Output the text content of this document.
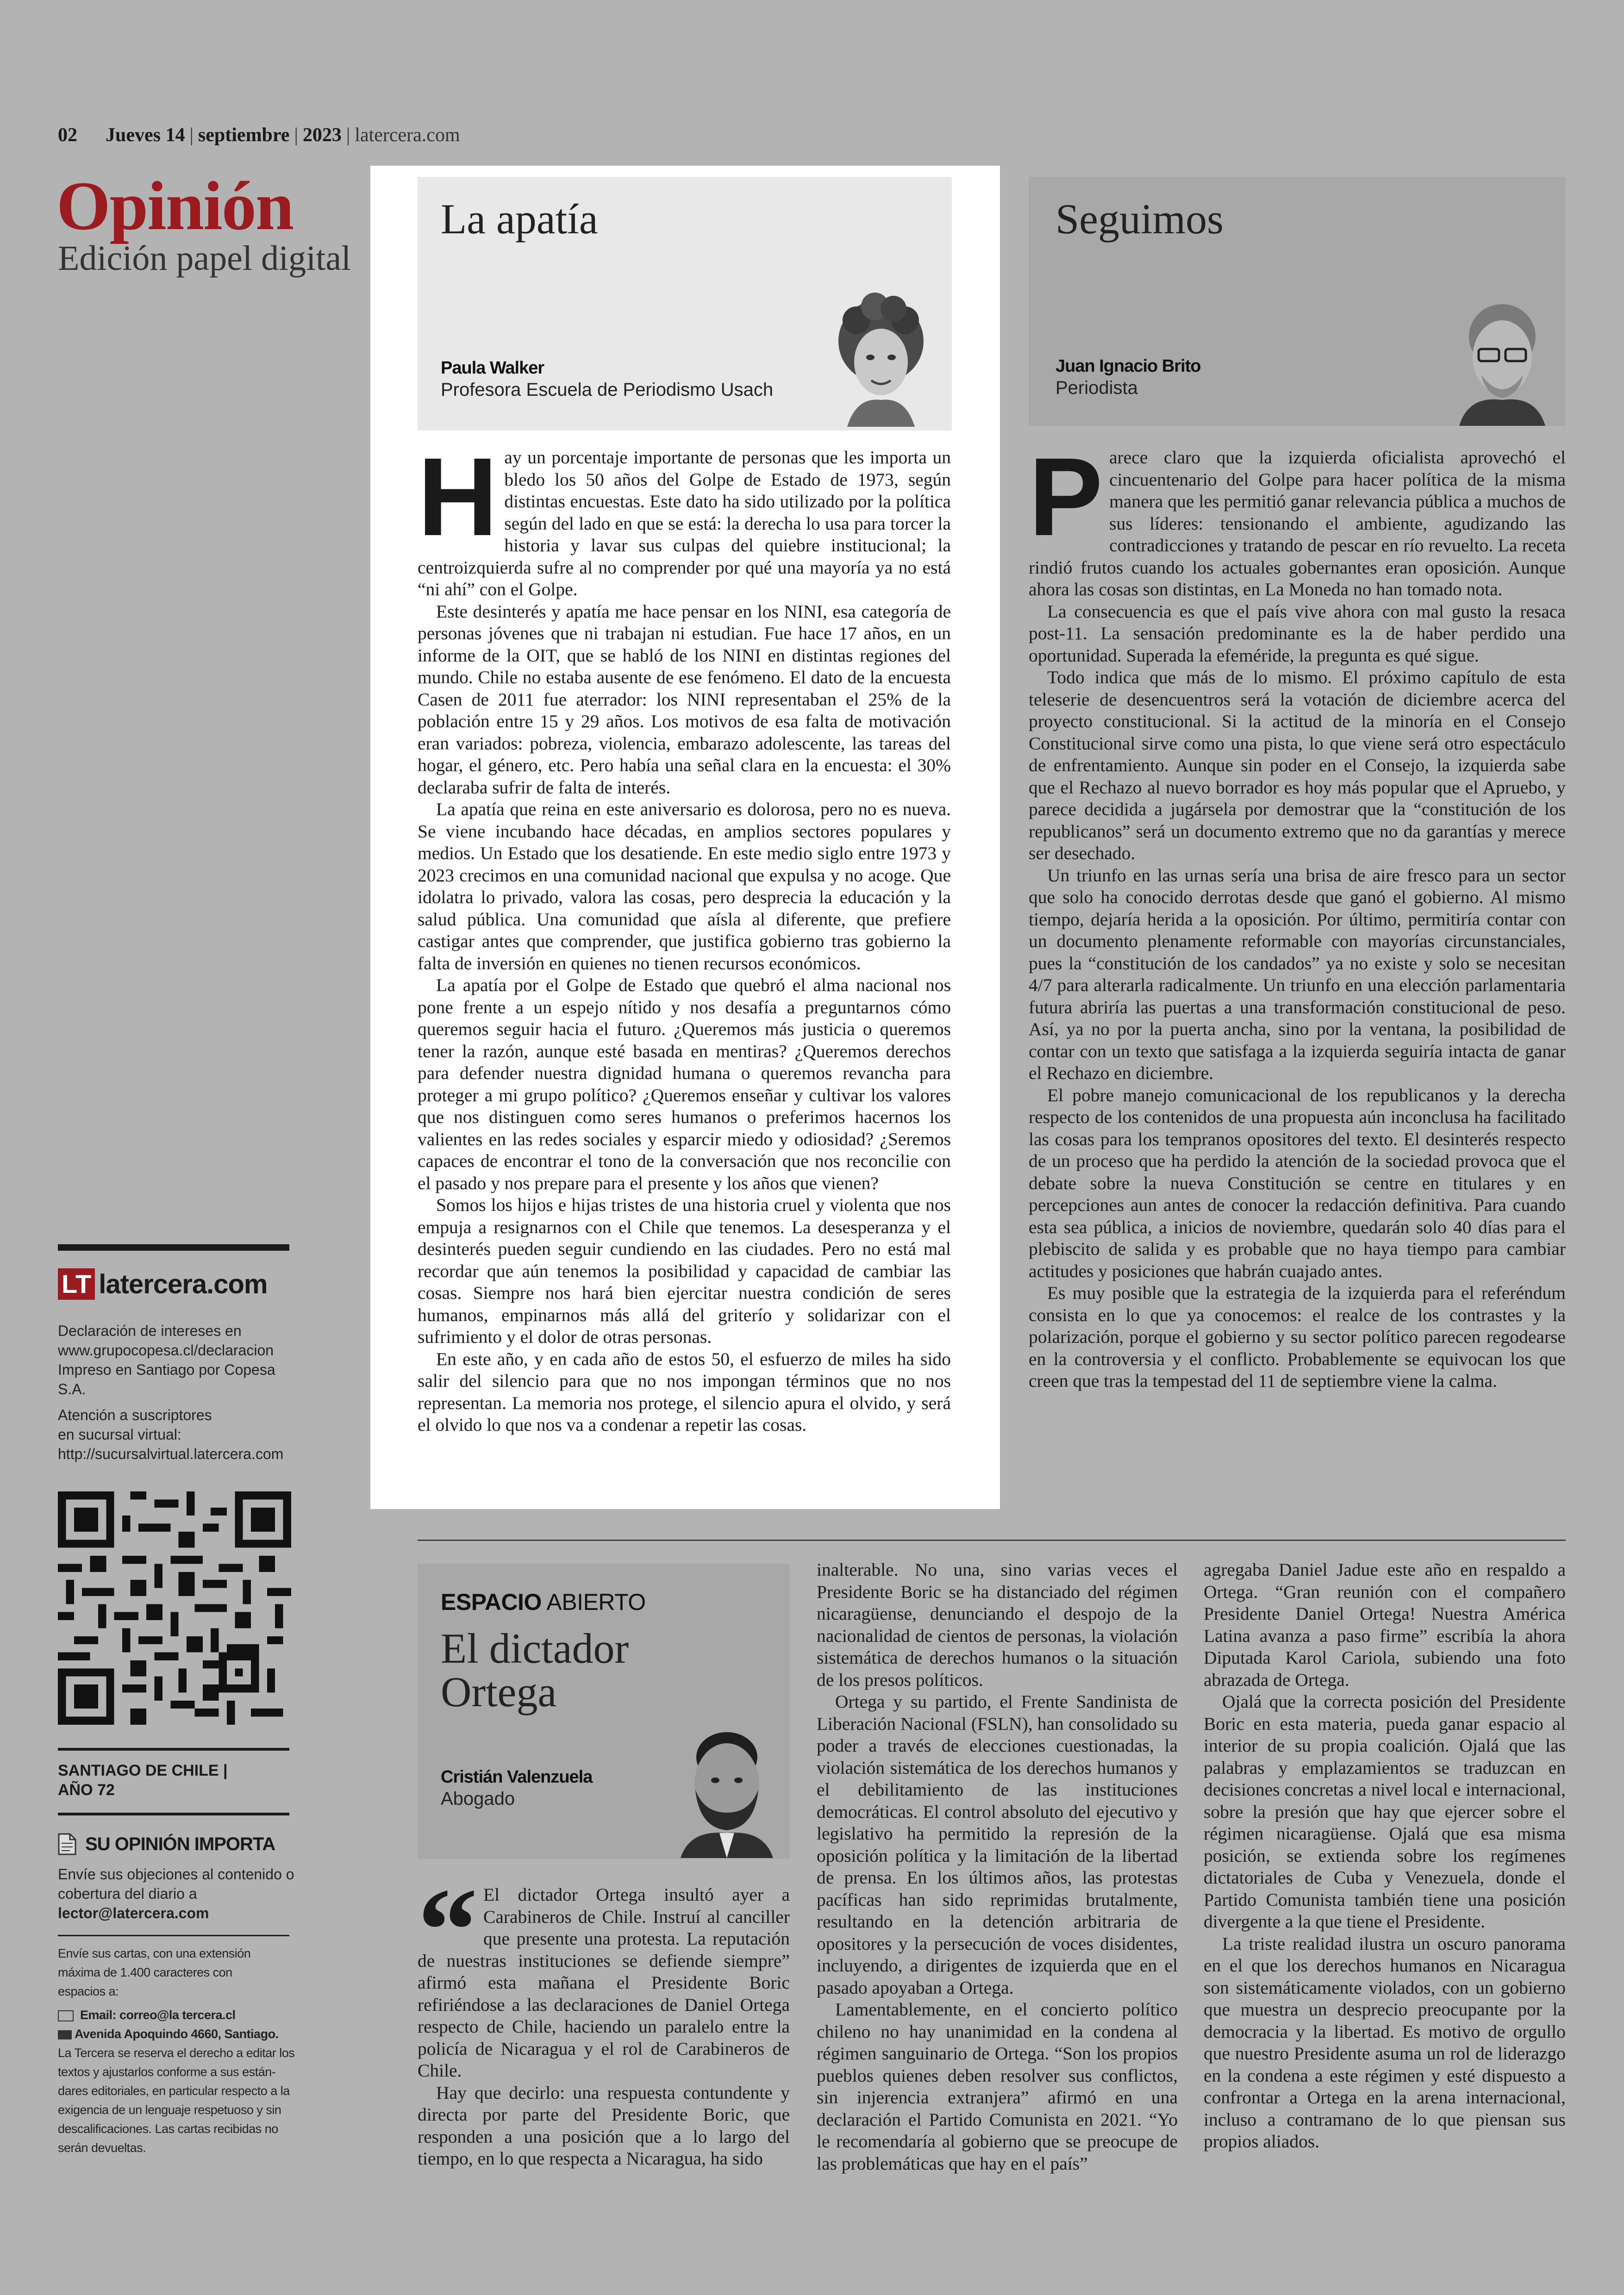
02 Jueves 14 | septiembre | 2023 | latercera.com
Opinión
Edición papel digital
La apatía
Paula Walker
Profesora Escuela de Periodismo Usach

Hay un porcentaje importante de personas que les importa un bledo los 50 años del Golpe de Estado de 1973, según distintas encuestas. Este dato ha sido utilizado por la política según del lado en que se está: la derecha lo usa para torcer la historia y lavar sus culpas del quiebre institucional; la centroizquierda sufre al no comprender por qué una mayoría ya no está “ni ahí” con el Golpe.

Este desinterés y apatía me hace pensar en los NINI, esa categoría de personas jóvenes que ni trabajan ni estudian. Fue hace 17 años, en un informe de la OIT, que se habló de los NINI en distintas regiones del mundo. Chile no estaba ausente de ese fenómeno. El dato de la encuesta Casen de 2011 fue aterrador: los NINI representaban el 25% de la población entre 15 y 29 años. Los motivos de esa falta de motivación eran variados: pobreza, violencia, embarazo adolescente, las tareas del hogar, el género, etc. Pero había una señal clara en la encuesta: el 30% declaraba sufrir de falta de interés.

La apatía que reina en este aniversario es dolorosa, pero no es nueva. Se viene incubando hace décadas, en amplios sectores populares y medios. Un Estado que los desatiende. En este medio siglo entre 1973 y 2023 crecimos en una comunidad nacional que expulsa y no acoge. Que idolatra lo privado, valora las cosas, pero desprecia la educación y la salud pública. Una comunidad que aísla al diferente, que prefiere castigar antes que comprender, que justifica gobierno tras gobierno la falta de inversión en quienes no tienen recursos económicos.

La apatía por el Golpe de Estado que quebró el alma nacional nos pone frente a un espejo nítido y nos desafía a preguntarnos cómo queremos seguir hacia el futuro. ¿Queremos más justicia o queremos tener la razón, aunque esté basada en mentiras? ¿Queremos derechos para defender nuestra dignidad humana o queremos revancha para proteger a mi grupo político? ¿Queremos enseñar y cultivar los valores que nos distinguen como seres humanos o preferimos hacernos los valientes en las redes sociales y esparcir miedo y odiosidad? ¿Seremos capaces de encontrar el tono de la conversación que nos reconcilie con el pasado y nos prepare para el presente y los años que vienen?

Somos los hijos e hijas tristes de una historia cruel y violenta que nos empuja a resignarnos con el Chile que tenemos. La desesperanza y el desinterés pueden seguir cundiendo en las ciudades. Pero no está mal recordar que aún tenemos la posibilidad y capacidad de cambiar las cosas. Siempre nos hará bien ejercitar nuestra condición de seres humanos, empinarnos más allá del griterío y solidarizar con el sufrimiento y el dolor de otras personas.

En este año, y en cada año de estos 50, el esfuerzo de miles ha sido salir del silencio para que no nos impongan términos que no nos representan. La memoria nos protege, el silencio apura el olvido, y será el olvido lo que nos va a condenar a repetir las cosas.

Seguimos
Juan Ignacio Brito
Periodista

Parece claro que la izquierda oficialista aprovechó el cincuentenario del Golpe para hacer política de la misma manera que les permitió ganar relevancia pública a muchos de sus líderes: tensionando el ambiente, agudizando las contradicciones y tratando de pescar en río revuelto. La receta rindió frutos cuando los actuales gobernantes eran oposición. Aunque ahora las cosas son distintas, en La Moneda no han tomado nota.

La consecuencia es que el país vive ahora con mal gusto la resaca post-11. La sensación predominante es la de haber perdido una oportunidad. Superada la efeméride, la pregunta es qué sigue.

Todo indica que más de lo mismo. El próximo capítulo de esta teleserie de desencuentros será la votación de diciembre acerca del proyecto constitucional. Si la actitud de la minoría en el Consejo Constitucional sirve como una pista, lo que viene será otro espectáculo de enfrentamiento. Aunque sin poder en el Consejo, la izquierda sabe que el Rechazo al nuevo borrador es hoy más popular que el Apruebo, y parece decidida a jugársela por demostrar que la “constitución de los republicanos” será un documento extremo que no da garantías y merece ser desechado.

Un triunfo en las urnas sería una brisa de aire fresco para un sector que solo ha conocido derrotas desde que ganó el gobierno. Al mismo tiempo, dejaría herida a la oposición. Por último, permitiría contar con un documento plenamente reformable con mayorías circunstanciales, pues la “constitución de los candados” ya no existe y solo se necesitan 4/7 para alterarla radicalmente. Un triunfo en una elección parlamentaria futura abriría las puertas a una transformación constitucional de peso. Así, ya no por la puerta ancha, sino por la ventana, la posibilidad de contar con un texto que satisfaga a la izquierda seguiría intacta de ganar el Rechazo en diciembre.

El pobre manejo comunicacional de los republicanos y la derecha respecto de los contenidos de una propuesta aún inconclusa ha facilitado las cosas para los tempranos opositores del texto. El desinterés respecto de un proceso que ha perdido la atención de la sociedad provoca que el debate sobre la nueva Constitución se centre en titulares y en percepciones aun antes de conocer la redacción definitiva. Para cuando esta sea pública, a inicios de noviembre, quedarán solo 40 días para el plebiscito de salida y es probable que no haya tiempo para cambiar actitudes y posiciones que habrán cuajado antes.

Es muy posible que la estrategia de la izquierda para el referéndum consista en lo que ya conocemos: el realce de los contrastes y la polarización, porque el gobierno y su sector político parecen regodearse en la controversia y el conflicto. Probablemente se equivocan los que creen que tras la tempestad del 11 de septiembre viene la calma.

LT latercera.com
Declaración de intereses en
www.grupocopesa.cl/declaracion
Impreso en Santiago por Copesa S.A.
Atención a suscriptores
en sucursal virtual:
http://sucursalvirtual.latercera.com
SANTIAGO DE CHILE |
AÑO 72
SU OPINIÓN IMPORTA
Envíe sus objeciones al contenido o
cobertura del diario a
lector@latercera.com
Envíe sus cartas, con una extensión
máxima de 1.400 caracteres con
espacios a:
Email: correo@la tercera.cl
Avenida Apoquindo 4660, Santiago.
La Tercera se reserva el derecho a editar los
textos y ajustarlos conforme a sus están-
dares editoriales, en particular respecto a la
exigencia de un lenguaje respetuoso y sin
descalificaciones. Las cartas recibidas no
serán devueltas.
ESPACIO ABIERTO
El dictador
Ortega
Cristián Valenzuela
Abogado

“ El dictador Ortega insultó ayer a Carabineros de Chile. Instruí al canciller que presente una protesta. La reputación de nuestras instituciones se defiende siempre” afirmó esta mañana el Presidente Boric refiriéndose a las declaraciones de Daniel Ortega respecto de Chile, haciendo un paralelo entre la policía de Nicaragua y el rol de Carabineros de Chile.

Hay que decirlo: una respuesta contundente y directa por parte del Presidente Boric, que responden a una posición que a lo largo del tiempo, en lo que respecta a Nicaragua, ha sido

inalterable. No una, sino varias veces el Presidente Boric se ha distanciado del régimen nicaragüense, denunciando el despojo de la nacionalidad de cientos de personas, la violación sistemática de derechos humanos o la situación de los presos políticos.

Ortega y su partido, el Frente Sandinista de Liberación Nacional (FSLN), han consolidado su poder a través de elecciones cuestionadas, la violación sistemática de los derechos humanos y el debilitamiento de las instituciones democráticas. El control absoluto del ejecutivo y legislativo ha permitido la represión de la oposición política y la limitación de la libertad de prensa. En los últimos años, las protestas pacíficas han sido reprimidas brutalmente, resultando en la detención arbitraria de opositores y la persecución de voces disidentes, incluyendo, a dirigentes de izquierda que en el pasado apoyaban a Ortega.

Lamentablemente, en el concierto político chileno no hay unanimidad en la condena al régimen sanguinario de Ortega. “Son los propios pueblos quienes deben resolver sus conflictos, sin injerencia extranjera” afirmó en una declaración el Partido Comunista en 2021. “Yo le recomendaría al gobierno que se preocupe de las problemáticas que hay en el país”

agregaba Daniel Jadue este año en respaldo a Ortega. “Gran reunión con el compañero Presidente Daniel Ortega! Nuestra América Latina avanza a paso firme” escribía la ahora Diputada Karol Cariola, subiendo una foto abrazada de Ortega.

Ojalá que la correcta posición del Presidente Boric en esta materia, pueda ganar espacio al interior de su propia coalición. Ojalá que las palabras y emplazamientos se traduzcan en decisiones concretas a nivel local e internacional, sobre la presión que hay que ejercer sobre el régimen nicaragüense. Ojalá que esa misma posición, se extienda sobre los regímenes dictatoriales de Cuba y Venezuela, donde el Partido Comunista también tiene una posición divergente a la que tiene el Presidente.

La triste realidad ilustra un oscuro panorama en el que los derechos humanos en Nicaragua son sistemáticamente violados, con un gobierno que muestra un desprecio preocupante por la democracia y la libertad. Es motivo de orgullo que nuestro Presidente asuma un rol de liderazgo en la condena a este régimen y esté dispuesto a confrontar a Ortega en la arena internacional, incluso a contramano de lo que piensan sus propios aliados.
